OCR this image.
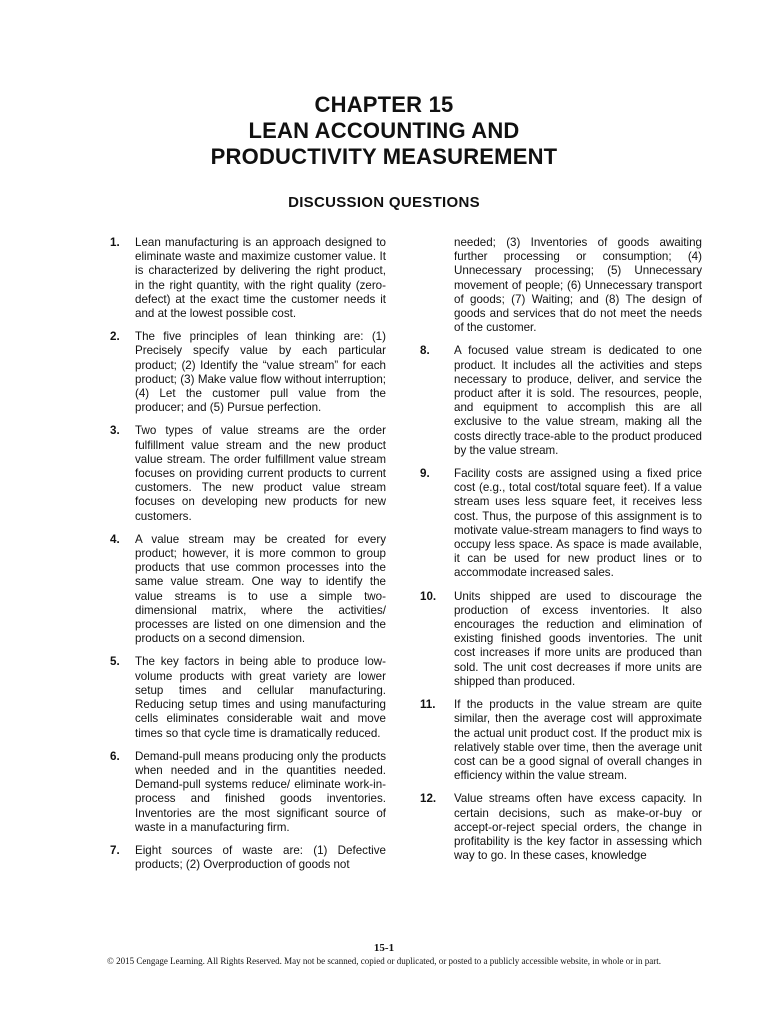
CHAPTER 15

LEAN ACCOUNTING AND

PRODUCTIVITY MEASUREMENT

DISCUSSION QUESTIONS
1.	Lean manufacturing is an approach designed to eliminate waste and maximize customer value. It is characterized by delivering the right product, in the right quantity, with the right quality (zero-defect) at the exact time the customer needs it and at the lowest possible cost.
2.	The five principles of lean thinking are: (1) Precisely specify value by each particular product; (2) Identify the “value stream” for each product; (3) Make value flow without interruption; (4) Let the customer pull value from the producer; and (5) Pursue perfection.
3.	Two types of value streams are the order fulfillment value stream and the new product value stream. The order fulfillment value stream focuses on providing current products to current customers. The new product value stream focuses on developing new products for new customers.
4.	A value stream may be created for every product; however, it is more common to group products that use common processes into the same value stream. One way to identify the value streams is to use a simple two-dimensional matrix, where the activities/ processes are listed on one dimension and the products on a second dimension.
5.	The key factors in being able to produce low-volume products with great variety are lower setup times and cellular manufacturing. Reducing setup times and using manufacturing cells eliminates considerable wait and move times so that cycle time is dramatically reduced.
6.	Demand-pull means producing only the products when needed and in the quantities needed. Demand-pull systems reduce/ eliminate work-in-process and finished goods inventories. Inventories are the most significant source of waste in a manufacturing firm.
7.	Eight sources of waste are: (1) Defective products; (2) Overproduction of goods not
needed; (3) Inventories of goods awaiting further processing or consumption; (4) Unnecessary processing; (5) Unnecessary movement of people; (6) Unnecessary transport of goods; (7) Waiting; and (8) The design of goods and services that do not meet the needs of the customer.
8.	A focused value stream is dedicated to one product. It includes all the activities and steps necessary to produce, deliver, and service the product after it is sold. The resources, people, and equipment to accomplish this are all exclusive to the value stream, making all the costs directly trace-able to the product produced by the value stream.
9.	Facility costs are assigned using a fixed price cost (e.g., total cost/total square feet). If a value stream uses less square feet, it receives less cost. Thus, the purpose of this assignment is to motivate value-stream managers to find ways to occupy less space. As space is made available, it can be used for new product lines or to accommodate increased sales.
10.	Units shipped are used to discourage the production of excess inventories. It also encourages the reduction and elimination of existing finished goods inventories. The unit cost increases if more units are produced than sold. The unit cost decreases if more units are shipped than produced.
11.	If the products in the value stream are quite similar, then the average cost will approximate the actual unit product cost. If the product mix is relatively stable over time, then the average unit cost can be a good signal of overall changes in efficiency within the value stream.
12.	Value streams often have excess capacity. In certain decisions, such as make-or-buy or accept-or-reject special orders, the change in profitability is the key factor in assessing which way to go. In these cases, knowledge

15-1

© 2015 Cengage Learning. All Rights Reserved. May not be scanned, copied or duplicated, or posted to a publicly accessible website, in whole or in part.
